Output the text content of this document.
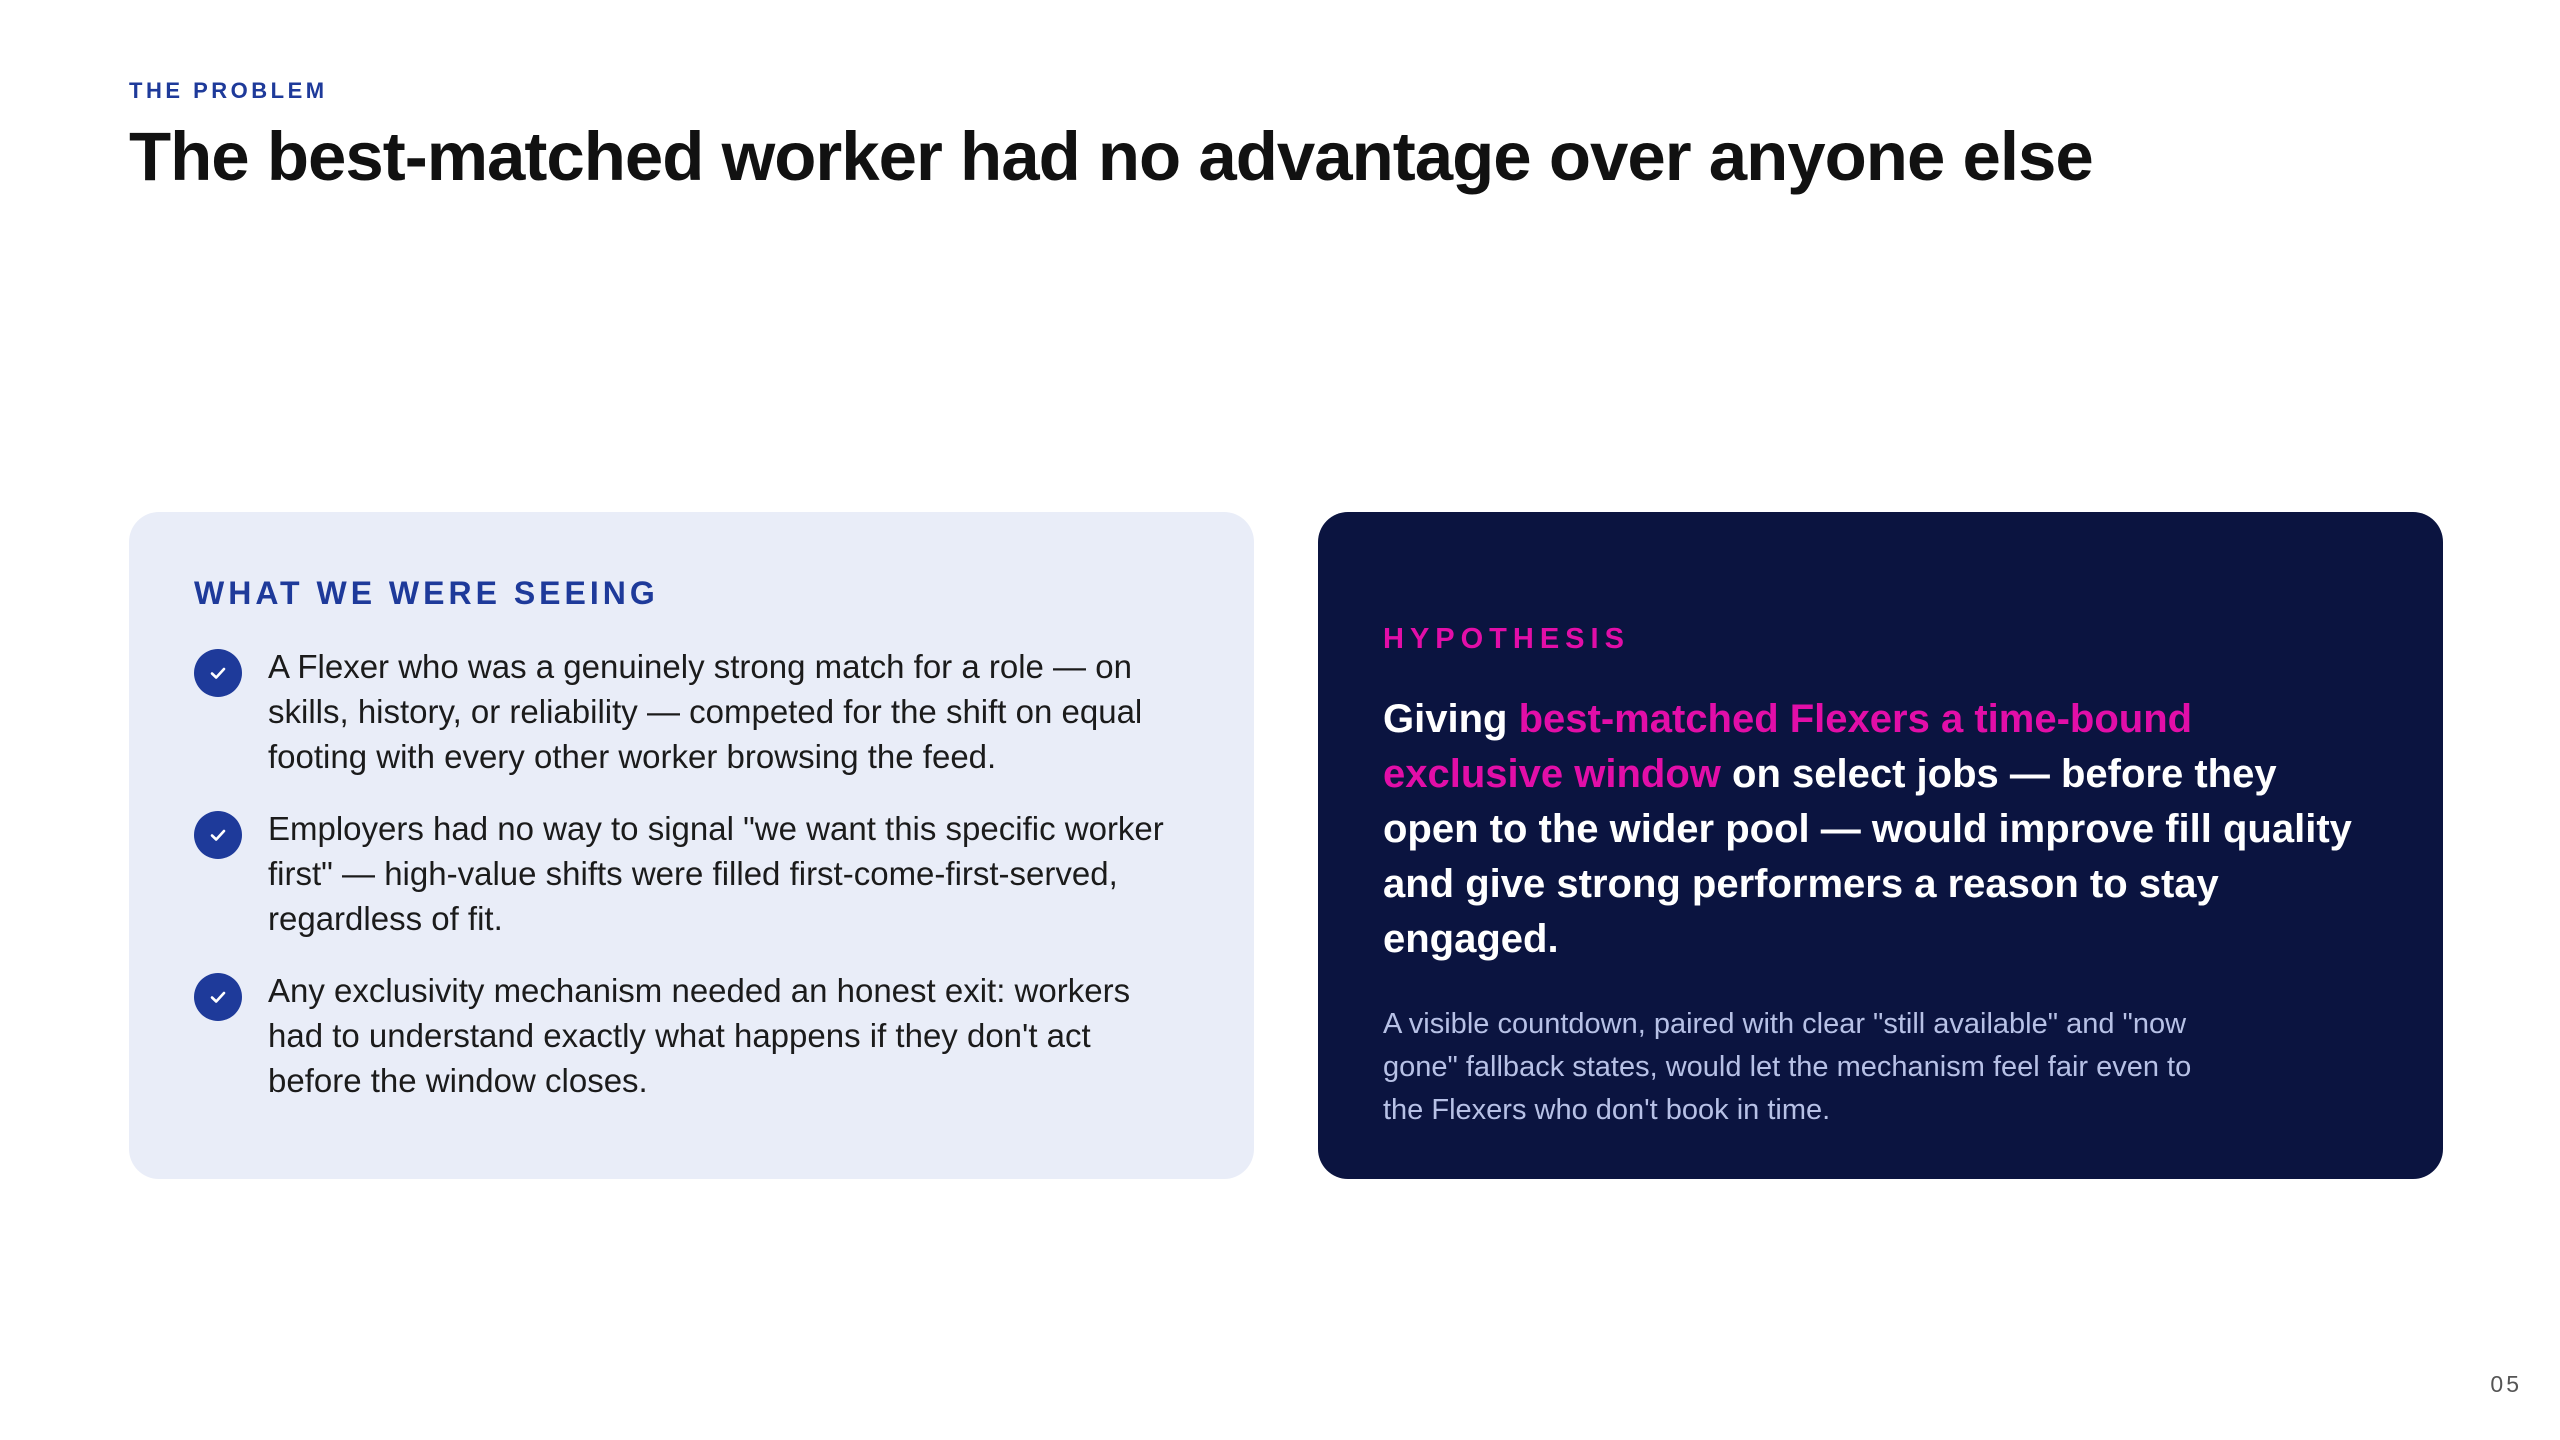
THE PROBLEM
The best-matched worker had no advantage over anyone else
WHAT WE WERE SEEING
A Flexer who was a genuinely strong match for a role — on skills, history, or reliability — competed for the shift on equal footing with every other worker browsing the feed.
Employers had no way to signal "we want this specific worker first" — high-value shifts were filled first-come-first-served, regardless of fit.
Any exclusivity mechanism needed an honest exit: workers had to understand exactly what happens if they don't act before the window closes.
HYPOTHESIS

Giving best-matched Flexers a time-bound exclusive window on select jobs — before they open to the wider pool — would improve fill quality and give strong performers a reason to stay engaged.

A visible countdown, paired with clear "still available" and "now gone" fallback states, would let the mechanism feel fair even to the Flexers who don't book in time.

05
